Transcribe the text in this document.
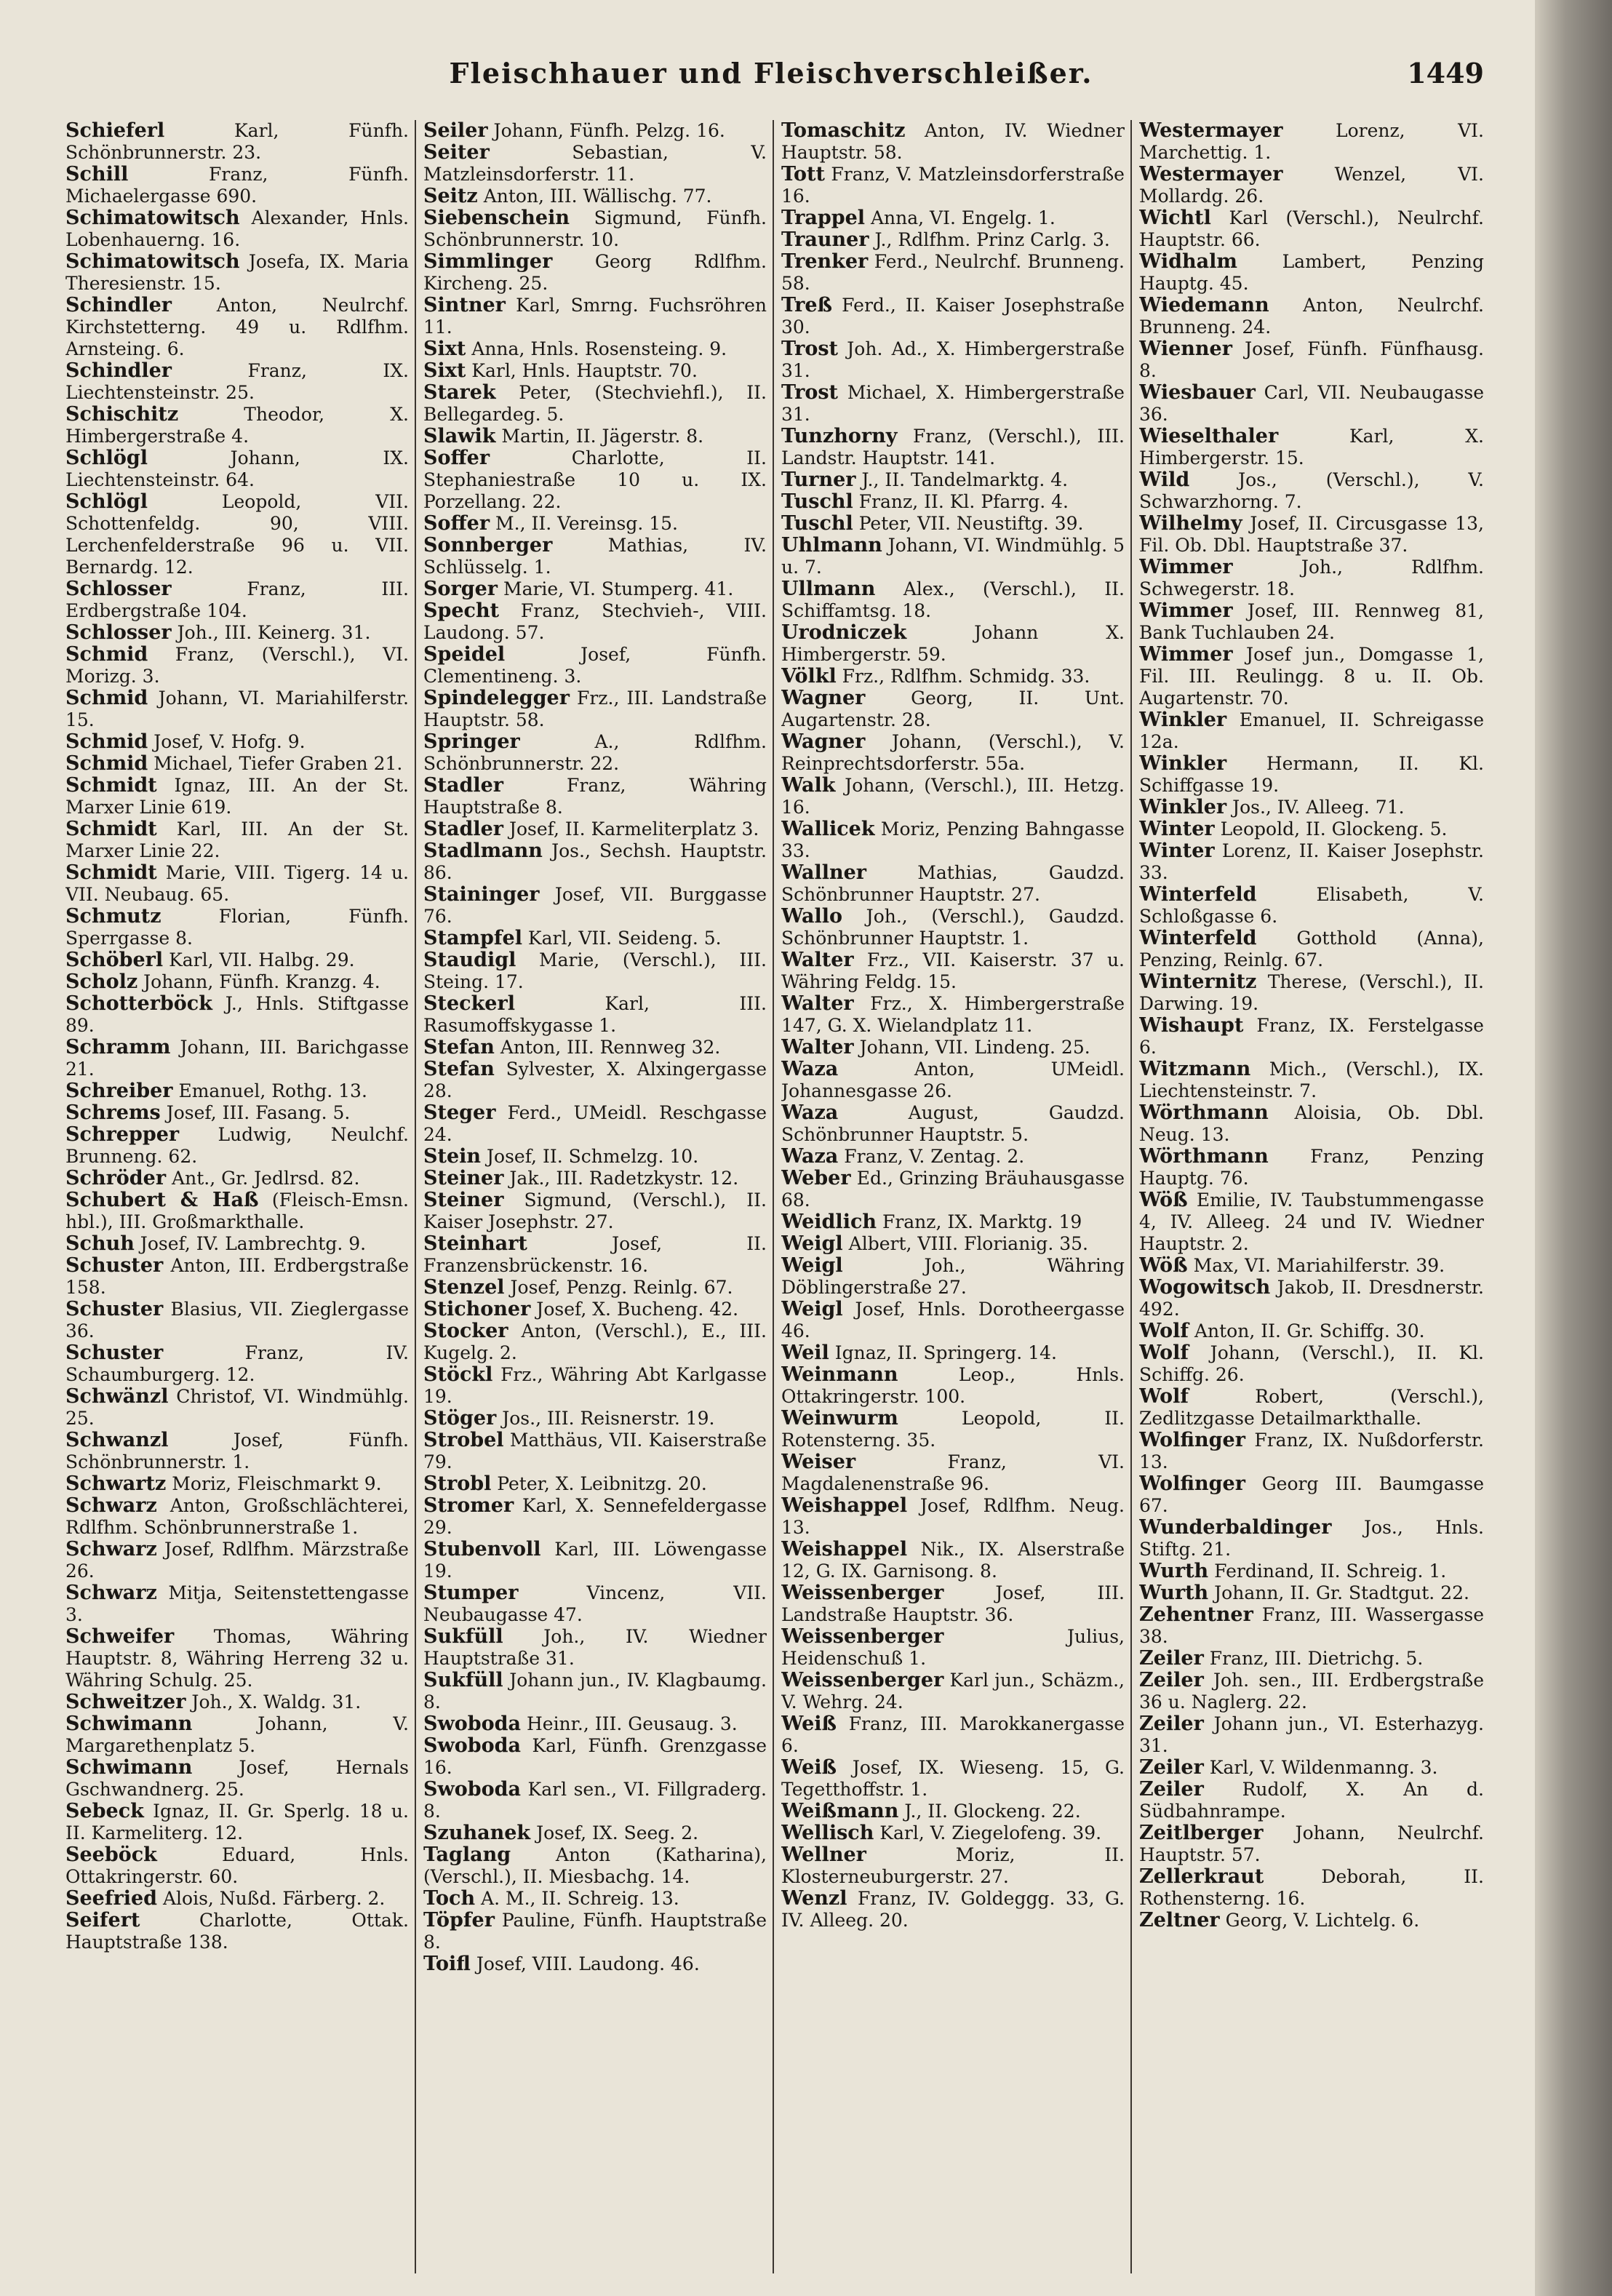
Fleischhauer und Fleischverschleißer.	1449
Schieferl	Karl, Fünfh. Schönbrunnerstr. 23.
Schill	Franz, Fünfh. Michaelergasse 690.
Schimatowitsch Alexander, Hnls. Lobenhauerng. 16.
Schimatowitsch Josefa, IX. Maria Theresienstr. 15.
Schindler Anton, Neulrchf. Kirchstetterng. 49 u. Rdlfhm. Arnsteing. 6.
Schindler	Franz, IX. Liechtensteinstr. 25.
Schischitz	Theodor, X. Himbergerstraße 4.
Schlögl	Johann, IX. Liechtensteinstr. 64.
Schlögl	Leopold, VII. Schottenfeldg. 90, VIII. Lerchenfelderstraße 96 u. VII. Bernardg. 12.
Schlosser	Franz, III. Erdbergstraße 104.
Schlosser Joh., III. Keinerg. 31.
Schmid Franz, (Verschl.), VI. Morizg. 3.
Schmid Johann, VI. Mariahilferstr. 15.
Schmid Josef, V. Hofg. 9.
Schmid Michael, Tiefer Graben 21.
Schmidt Ignaz, III. An der St. Marxer Linie 619.
Schmidt Karl, III. An der St. Marxer Linie 22.
Schmidt Marie, VIII. Tigerg. 14 u. VII. Neubaug. 65.
Schmutz	Florian, Fünfh. Sperrgasse 8.
Schöberl Karl, VII. Halbg. 29.
Scholz Johann, Fünfh. Kranzg. 4.
Schotterböck J., Hnls. Stiftgasse 89.
Schramm Johann, III. Barichgasse 21.
Schreiber Emanuel, Rothg. 13.
Schrems Josef, III. Fasang. 5.
Schrepper Ludwig, Neulchf. Brunneng. 62.
Schröder Ant., Gr. Jedlrsd. 82.
Schubert & Haß (Fleisch-Emsn. hbl.), III. Großmarkthalle.
Schuh Josef, IV. Lambrechtg. 9.
Schuster Anton, III. Erdbergstraße 158.
Schuster Blasius, VII. Zieglergasse 36.
Schuster	Franz, IV. Schaumburgerg. 12.
Schwänzl Christof, VI. Windmühlg. 25.
Schwanzl	Josef, Fünfh. Schönbrunnerstr. 1.
Schwartz Moriz, Fleischmarkt 9.
Schwarz Anton, Großschlächterei, Rdlfhm. Schönbrunnerstraße 1.
Schwarz Josef, Rdlfhm. Märzstraße 26.
Schwarz Mitja, Seitenstettengasse 3.
Schweifer Thomas, Währing Hauptstr. 8, Währing Herreng 32 u. Währing Schulg. 25.
Schweitzer Joh., X. Waldg. 31.
Schwimann	Johann, V. Margarethenplatz 5.
Schwimann	Josef, Hernals Gschwandnerg. 25.
Sebeck Ignaz, II. Gr. Sperlg. 18 u. II. Karmeliterg. 12.
Seeböck	Eduard, Hnls. Ottakringerstr. 60.
Seefried Alois, Nußd. Färberg. 2.
Seifert	Charlotte, Ottak. Hauptstraße 138.
Seiler Johann, Fünfh. Pelzg. 16.
Seiter	Sebastian, V. Matzleinsdorferstr. 11.
Seitz Anton, III. Wällischg. 77.
Siebenschein Sigmund, Fünfh. Schönbrunnerstr. 10.
Simmlinger Georg Rdlfhm. Kircheng. 25.
Sintner Karl, Smrng. Fuchsröhren 11.
Sixt Anna, Hnls. Rosensteing. 9.
Sixt Karl, Hnls. Hauptstr. 70.
Starek Peter, (Stechviehfl.), II. Bellegardeg. 5.
Slawik Martin, II. Jägerstr. 8.
Soffer	Charlotte, II. Stephaniestraße 10 u. IX. Porzellang. 22.
Soffer M., II. Vereinsg. 15.
Sonnberger	Mathias, IV. Schlüsselg. 1.
Sorger Marie, VI. Stumperg. 41.
Specht Franz, Stechvieh-, VIII. Laudong. 57.
Speidel	Josef, Fünfh. Clementineng. 3.
Spindelegger Frz., III. Landstraße Hauptstr. 58.
Springer	A., Rdlfhm. Schönbrunnerstr. 22.
Stadler	Franz, Währing Hauptstraße 8.
Stadler Josef, II. Karmeliterplatz 3.
Stadlmann Jos., Sechsh. Hauptstr. 86.
Staininger Josef, VII. Burggasse 76.
Stampfel Karl, VII. Seideng. 5.
Staudigl Marie, (Verschl.), III. Steing. 17.
Steckerl	Karl, III. Rasumoffskygasse 1.
Stefan Anton, III. Rennweg 32.
Stefan Sylvester, X. Alxingergasse 28.
Steger Ferd., UMeidl. Reschgasse 24.
Stein Josef, II. Schmelzg. 10.
Steiner Jak., III. Radetzkystr. 12.
Steiner Sigmund, (Verschl.), II. Kaiser Josephstr. 27.
Steinhart	Josef, II. Franzensbrückenstr. 16.
Stenzel Josef, Penzg. Reinlg. 67.
Stichoner Josef, X. Bucheng. 42.
Stocker Anton, (Verschl.), E., III. Kugelg. 2.
Stöckl Frz., Währing Abt Karlgasse 19.
Stöger Jos., III. Reisnerstr. 19.
Strobel Matthäus, VII. Kaiserstraße 79.
Strobl Peter, X. Leibnitzg. 20.
Stromer Karl, X. Sennefeldergasse 29.
Stubenvoll Karl, III. Löwengasse 19.
Stumper	Vincenz, VII. Neubaugasse 47.
Sukfüll Joh., IV. Wiedner Hauptstraße 31.
Sukfüll Johann jun., IV. Klagbaumg. 8.
Swoboda Heinr., III. Geusaug. 3.
Swoboda Karl, Fünfh. Grenzgasse 16.
Swoboda Karl sen., VI. Fillgraderg. 8.
Szuhanek Josef, IX. Seeg. 2.
Taglang Anton (Katharina), (Verschl.), II. Miesbachg. 14.
Toch A. M., II. Schreig. 13.
Töpfer Pauline, Fünfh. Hauptstraße 8.
Toifl Josef, VIII. Laudong. 46.
Tomaschitz Anton, IV. Wiedner Hauptstr. 58.
Tott Franz, V. Matzleinsdorferstraße 16.
Trappel Anna, VI. Engelg. 1.
Trauner J., Rdlfhm. Prinz Carlg. 3.
Trenker Ferd., Neulrchf. Brunneng. 58.
Treß Ferd., II. Kaiser Josephstraße 30.
Trost Joh. Ad., X. Himbergerstraße 31.
Trost Michael, X. Himbergerstraße 31.
Tunzhorny Franz, (Verschl.), III. Landstr. Hauptstr. 141.
Turner J., II. Tandelmarktg. 4.
Tuschl Franz, II. Kl. Pfarrg. 4.
Tuschl Peter, VII. Neustiftg. 39.
Uhlmann Johann, VI. Windmühlg. 5 u. 7.
Ullmann Alex., (Verschl.), II. Schiffamtsg. 18.
Urodniczek	Johann X. Himbergerstr. 59.
Völkl Frz., Rdlfhm. Schmidg. 33.
Wagner	Georg, II. Unt. Augartenstr. 28.
Wagner Johann, (Verschl.), V. Reinprechtsdorferstr. 55a.
Walk Johann, (Verschl.), III. Hetzg. 16.
Wallicek Moriz, Penzing Bahngasse 33.
Wallner	Mathias, Gaudzd. Schönbrunner Hauptstr. 27.
Wallo Joh., (Verschl.), Gaudzd. Schönbrunner Hauptstr. 1.
Walter Frz., VII. Kaiserstr. 37 u. Währing Feldg. 15.
Walter Frz., X. Himbergerstraße 147, G. X. Wielandplatz 11.
Walter Johann, VII. Lindeng. 25.
Waza	Anton, UMeidl. Johannesgasse 26.
Waza	August, Gaudzd. Schönbrunner Hauptstr. 5.
Waza Franz, V. Zentag. 2.
Weber Ed., Grinzing Bräuhausgasse 68.
Weidlich Franz, IX. Marktg. 19
Weigl Albert, VIII. Florianig. 35.
Weigl	Joh., Währing Döblingerstraße 27.
Weigl Josef, Hnls. Dorotheergasse 46.
Weil Ignaz, II. Springerg. 14.
Weinmann	Leop., Hnls. Ottakringerstr. 100.
Weinwurm	Leopold, II. Rotensterng. 35.
Weiser	Franz, VI. Magdalenenstraße 96.
Weishappel Josef, Rdlfhm. Neug. 13.
Weishappel Nik., IX. Alserstraße 12, G. IX. Garnisong. 8.
Weissenberger	Josef, III. Landstraße Hauptstr. 36.
Weissenberger	Julius, Heidenschuß 1.
Weissenberger Karl jun., Schäzm., V. Wehrg. 24.
Weiß Franz, III. Marokkanergasse 6.
Weiß Josef, IX. Wieseng. 15, G. Tegetthoffstr. 1.
Weißmann J., II. Glockeng. 22.
Wellisch Karl, V. Ziegelofeng. 39.
Wellner	Moriz, II. Klosterneuburgerstr. 27.
Wenzl Franz, IV. Goldeggg. 33, G. IV. Alleeg. 20.
Westermayer	Lorenz, VI. Marchettig. 1.
Westermayer	Wenzel, VI. Mollardg. 26.
Wichtl Karl (Verschl.), Neulrchf. Hauptstr. 66.
Widhalm Lambert, Penzing Hauptg. 45.
Wiedemann Anton, Neulrchf. Brunneng. 24.
Wienner Josef, Fünfh. Fünfhausg. 8.
Wiesbauer Carl, VII. Neubaugasse 36.
Wieselthaler	Karl, X. Himbergerstr. 15.
Wild	Jos., (Verschl.), V. Schwarzhorng. 7.
Wilhelmy Josef, II. Circusgasse 13, Fil. Ob. Dbl. Hauptstraße 37.
Wimmer	Joh., Rdlfhm. Schwegerstr. 18.
Wimmer Josef, III. Rennweg 81, Bank Tuchlauben 24.
Wimmer Josef jun., Domgasse 1, Fil. III. Reulingg. 8 u. II. Ob. Augartenstr. 70.
Winkler Emanuel, II. Schreigasse 12a.
Winkler Hermann, II. Kl. Schiffgasse 19.
Winkler Jos., IV. Alleeg. 71.
Winter Leopold, II. Glockeng. 5.
Winter Lorenz, II. Kaiser Josephstr. 33.
Winterfeld	Elisabeth, V. Schloßgasse 6.
Winterfeld Gotthold (Anna), Penzing, Reinlg. 67.
Winternitz Therese, (Verschl.), II. Darwing. 19.
Wishaupt Franz, IX. Ferstelgasse 6.
Witzmann Mich., (Verschl.), IX. Liechtensteinstr. 7.
Wörthmann Aloisia, Ob. Dbl. Neug. 13.
Wörthmann Franz, Penzing Hauptg. 76.
Wöß Emilie, IV. Taubstummengasse 4, IV. Alleeg. 24 und IV. Wiedner Hauptstr. 2.
Wöß Max, VI. Mariahilferstr. 39.
Wogowitsch Jakob, II. Dresdnerstr. 492.
Wolf Anton, II. Gr. Schiffg. 30.
Wolf Johann, (Verschl.), II. Kl. Schiffg. 26.
Wolf	Robert, (Verschl.), Zedlitzgasse Detailmarkthalle.
Wolfinger Franz, IX. Nußdorferstr. 13.
Wolfinger Georg III. Baumgasse 67.
Wunderbaldinger Jos., Hnls. Stiftg. 21.
Wurth Ferdinand, II. Schreig. 1.
Wurth Johann, II. Gr. Stadtgut. 22.
Zehentner Franz, III. Wassergasse 38.
Zeiler Franz, III. Dietrichg. 5.
Zeiler Joh. sen., III. Erdbergstraße 36 u. Naglerg. 22.
Zeiler Johann jun., VI. Esterhazyg. 31.
Zeiler Karl, V. Wildenmanng. 3.
Zeiler Rudolf, X. An d. Südbahnrampe.
Zeitlberger Johann, Neulrchf. Hauptstr. 57.
Zellerkraut	Deborah, II. Rothensterng. 16.
Zeltner Georg, V. Lichtelg. 6.
